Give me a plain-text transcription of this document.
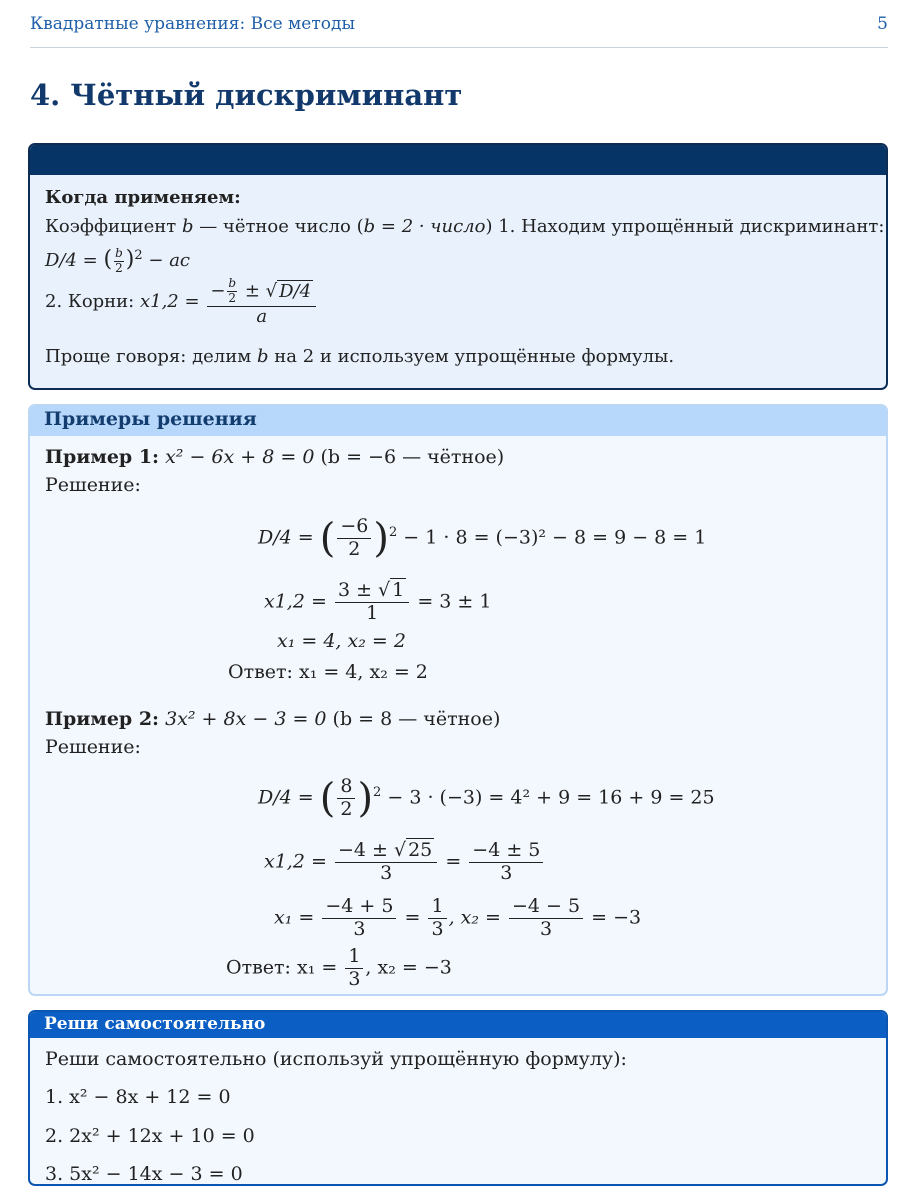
Квадратные уравнения: Все методы	5
4. Чётный дискриминант
Когда применяем:
Коэффициент b — чётное число (b = 2 · число) 1. Находим упрощённый дискриминант:
D/4 = ( $\frac{b}{2} )^2$ − ac
2. Корни: $x1,2 = \frac{- \frac{b}{2} \pm √ D/4}{a}$
Проще говоря: делим b на 2 и используем упрощённые формулы.
Примеры решения
Пример 1: x² − 6x + 8 = 0 (b = −6 — чётное)
Решение:
D/4 = ( $\frac{-6}{2} )^2 - 1 \cdot 8 = (-3)^2 - 8 = 9 - 8 = 1$
$x1,2 = \frac{3 \pm √ 1}{1} = 3 \pm 1$
x₁ = 4, x₂ = 2
Ответ: x₁ = 4, x₂ = 2
Пример 2: 3x² + 8x − 3 = 0 (b = 8 — чётное)
Решение:
D/4 = ( $\frac{8}{2} )^2 - 3 \cdot (-3) = 4^2 + 9 = 16 + 9 = 25$
$x1,2 = \frac{-4 \pm √ 25}{3} = \frac{-4 \pm 5}{3}$
$x_1 = \frac{-4 + 5}{3} = \frac{1}{3}$ , $x_2 = \frac{-4 - 5}{3} = -3$
Ответ: $x_1 = \frac{1}{3}$ , x₂ = −3
Реши самостоятельно
Реши самостоятельно (используй упрощённую формулу):
1. x² − 8x + 12 = 0
2. 2x² + 12x + 10 = 0
3. 5x² − 14x − 3 = 0
